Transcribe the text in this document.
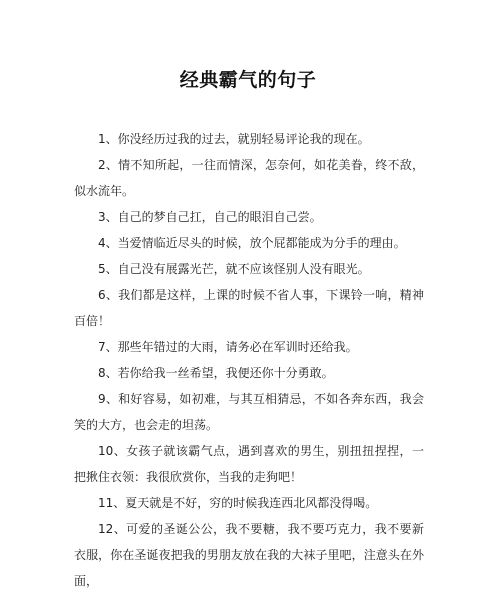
经典霸气的句子

1、你没经历过我的过去，就别轻易评论我的现在。

2、情不知所起，一往而情深，怎奈何，如花美眷，终不敌，似水流年。

3、自己的梦自己扛，自己的眼泪自己尝。

4、当爱情临近尽头的时候，放个屁都能成为分手的理由。

5、自己没有展露光芒，就不应该怪别人没有眼光。

6、我们都是这样，上课的时候不省人事，下课铃一响，精神百倍！

7、那些年错过的大雨，请务必在军训时还给我。

8、若你给我一丝希望，我便还你十分勇敢。

9、和好容易，如初难，与其互相猜忌，不如各奔东西，我会笑的大方，也会走的坦荡。

10、女孩子就该霸气点，遇到喜欢的男生，别扭扭捏捏，一把揪住衣领：我很欣赏你，当我的走狗吧！

11、夏天就是不好，穷的时候我连西北风都没得喝。

12、可爱的圣诞公公，我不要糖，我不要巧克力，我不要新衣服，你在圣诞夜把我的男朋友放在我的大袜子里吧，注意头在外面，
